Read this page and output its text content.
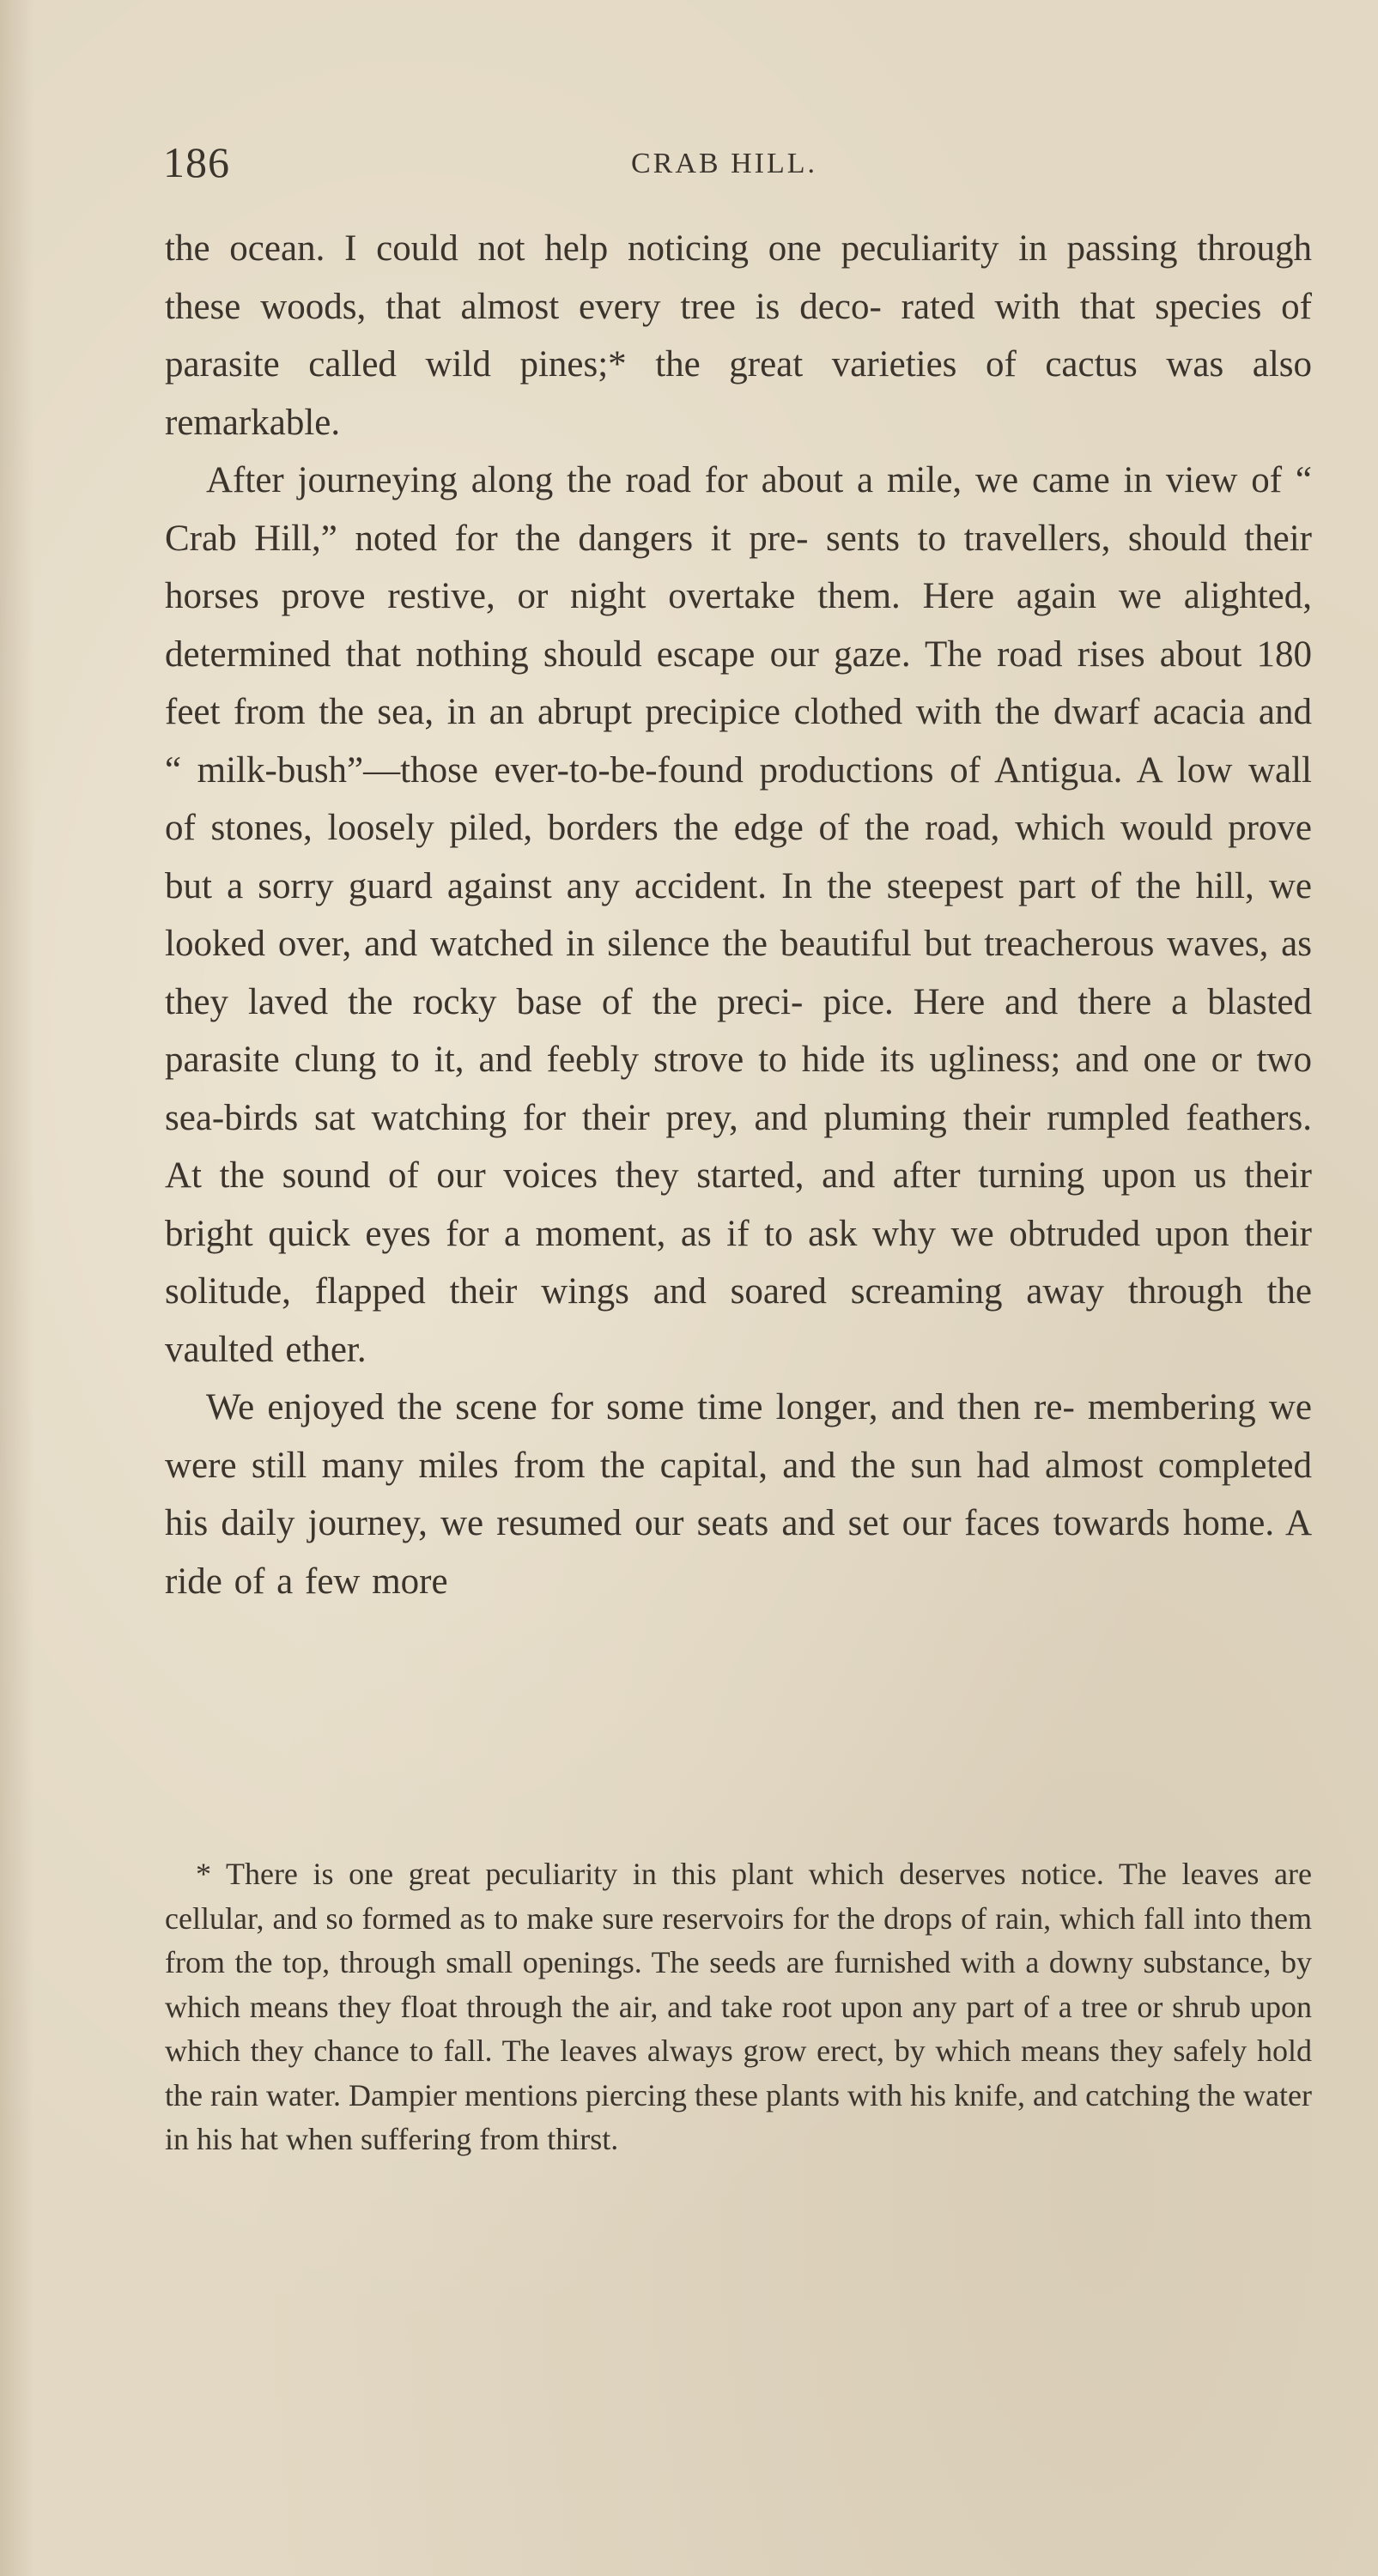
186	CRAB HILL.

the ocean. I could not help noticing one peculiarity in passing through these woods, that almost every tree is deco- rated with that species of parasite called wild pines;* the great varieties of cactus was also remarkable.

After journeying along the road for about a mile, we came in view of “ Crab Hill,” noted for the dangers it pre- sents to travellers, should their horses prove restive, or night overtake them. Here again we alighted, determined that nothing should escape our gaze. The road rises about 180 feet from the sea, in an abrupt precipice clothed with the dwarf acacia and “ milk-bush”—those ever-to-be-found productions of Antigua. A low wall of stones, loosely piled, borders the edge of the road, which would prove but a sorry guard against any accident. In the steepest part of the hill, we looked over, and watched in silence the beautiful but treacherous waves, as they laved the rocky base of the preci- pice. Here and there a blasted parasite clung to it, and feebly strove to hide its ugliness; and one or two sea-birds sat watching for their prey, and pluming their rumpled feathers. At the sound of our voices they started, and after turning upon us their bright quick eyes for a moment, as if to ask why we obtruded upon their solitude, flapped their wings and soared screaming away through the vaulted ether.

We enjoyed the scene for some time longer, and then re- membering we were still many miles from the capital, and the sun had almost completed his daily journey, we resumed our seats and set our faces towards home. A ride of a few more

* There is one great peculiarity in this plant which deserves notice. The leaves are cellular, and so formed as to make sure reservoirs for the drops of rain, which fall into them from the top, through small openings. The seeds are furnished with a downy substance, by which means they float through the air, and take root upon any part of a tree or shrub upon which they chance to fall. The leaves always grow erect, by which means they safely hold the rain water. Dampier mentions piercing these plants with his knife, and catching the water in his hat when suffering from thirst.
